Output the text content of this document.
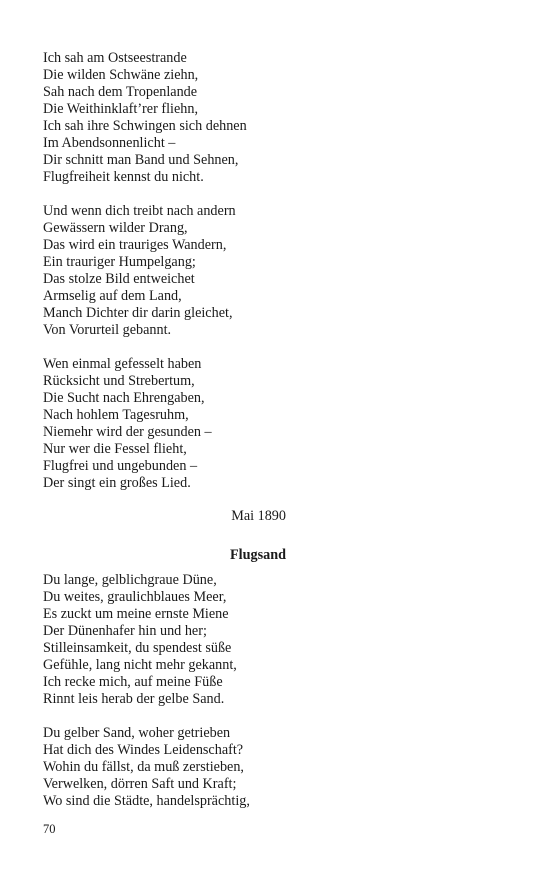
Ich sah am Ostseestrande
Die wilden Schwäne ziehn,
Sah nach dem Tropenlande
Die Weithinklaft’rer fliehn,
Ich sah ihre Schwingen sich dehnen
Im Abendsonnenlicht –
Dir schnitt man Band und Sehnen,
Flugfreiheit kennst du nicht.
Und wenn dich treibt nach andern
Gewässern wilder Drang,
Das wird ein trauriges Wandern,
Ein trauriger Humpelgang;
Das stolze Bild entweichet
Armselig auf dem Land,
Manch Dichter dir darin gleichet,
Von Vorurteil gebannt.
Wen einmal gefesselt haben
Rücksicht und Strebertum,
Die Sucht nach Ehrengaben,
Nach hohlem Tagesruhm,
Niemehr wird der gesunden –
Nur wer die Fessel flieht,
Flugfrei und ungebunden –
Der singt ein großes Lied.
Mai 1890
Flugsand
Du lange, gelblichgraue Düne,
Du weites, graulichblaues Meer,
Es zuckt um meine ernste Miene
Der Dünenhafer hin und her;
Stilleinsamkeit, du spendest süße
Gefühle, lang nicht mehr gekannt,
Ich recke mich, auf meine Füße
Rinnt leis herab der gelbe Sand.
Du gelber Sand, woher getrieben
Hat dich des Windes Leidenschaft?
Wohin du fällst, da muß zerstieben,
Verwelken, dörren Saft und Kraft;
Wo sind die Städte, handelsprächtig,
70
